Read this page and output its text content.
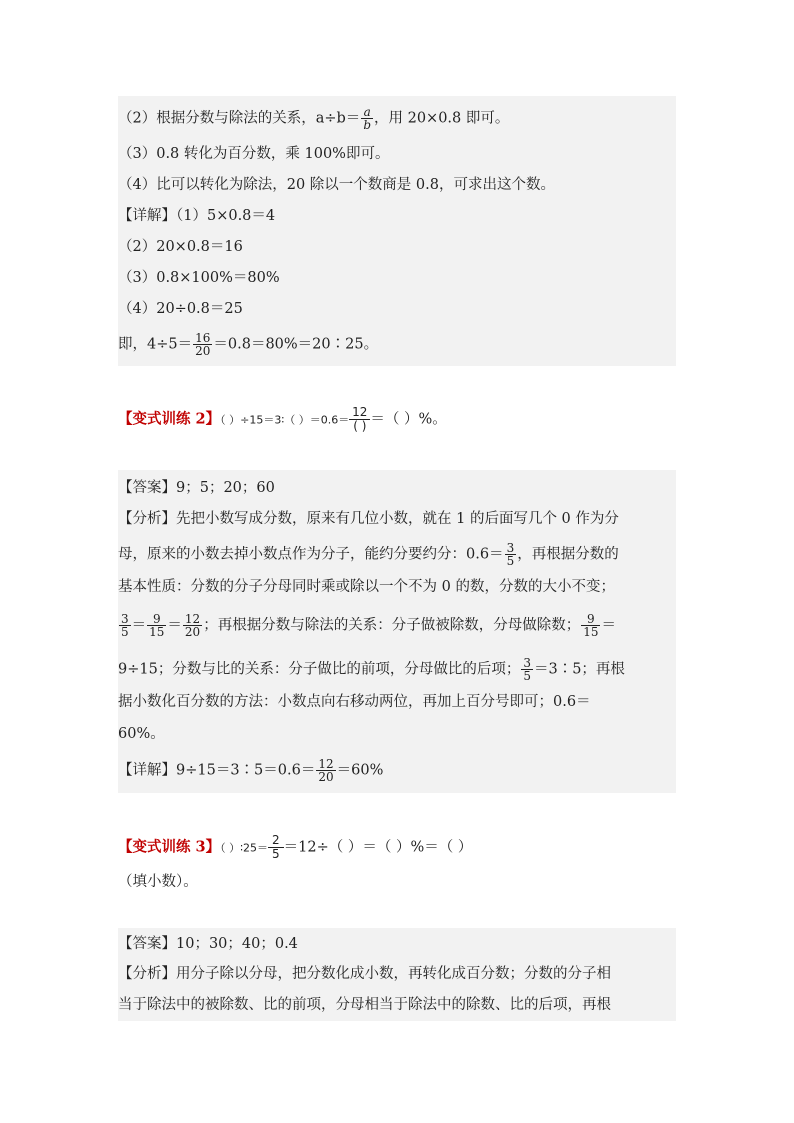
（2）根据分数与除法的关系，$a\div b= \frac{a}{b}$ ，用 20×0.8 即可。
（3）0.8 转化为百分数，乘 100%即可。
（4）比可以转化为除法，20 除以一个数商是 0.8，可求出这个数。
【详解】（1）5×0.8＝4
（2）20×0.8＝16
（3）0.8×100%＝80%
（4）20÷0.8＝25
即，$4\div 5= \frac{16}{20}$ ＝0.8＝80%＝20∶25。
【变式训练 2】（ ）÷15＝3∶（ ）$=0.6=\frac{12}{( )}$ ＝（ ）%。
【答案】9；5；20；60
【分析】先把小数写成分数，原来有几位小数，就在 1 的后面写几个 0 作为分
母，原来的小数去掉小数点作为分子，能约分要约分：$0.6= \frac{3}{5}$ ，再根据分数的
基本性质：分数的分子分母同时乘或除以一个不为 0 的数，分数的大小不变；
$\frac{3}{5} = \frac{9}{15} = \frac{12}{20}$ ；再根据分数与除法的关系：分子做被除数，分母做除数； $\frac{9}{15}$ ＝
9÷15；分数与比的关系：分子做比的前项，分母做比的后项； $\frac{3}{5}$ ＝3∶5；再根
据小数化百分数的方法：小数点向右移动两位，再加上百分号即可；0.6＝
60%。
【详解】9÷15＝3∶5＝0.6＝ $\frac{12}{20} =60\%$
【变式训练 3】（ ）$∶25=\frac{2}{5} =12\div$（ ）＝（ ）%＝（ ）
（填小数）。
【答案】10；30；40；0.4
【分析】用分子除以分母，把分数化成小数，再转化成百分数；分数的分子相
当于除法中的被除数、比的前项，分母相当于除法中的除数、比的后项，再根
